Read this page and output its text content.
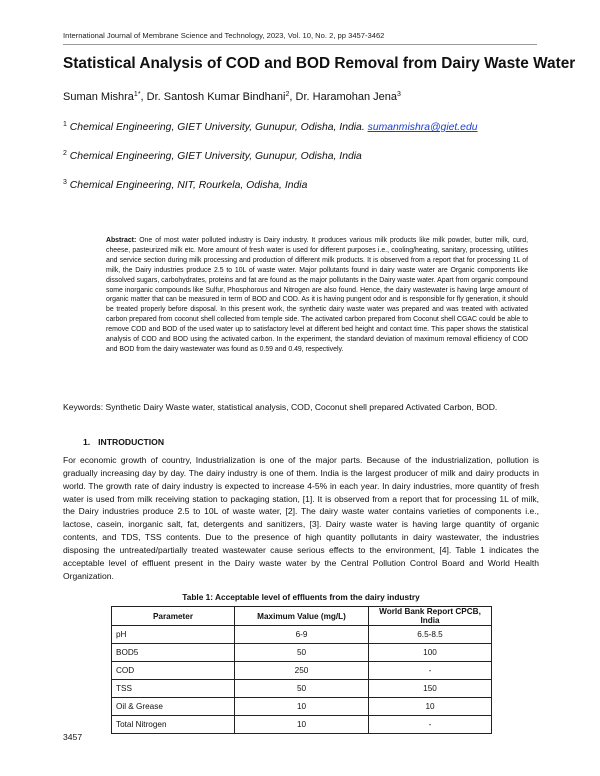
International Journal of Membrane Science and Technology, 2023, Vol. 10, No. 2, pp 3457-3462
Statistical Analysis of COD and BOD Removal from Dairy Waste Water
Suman Mishra$^{1*}$, Dr. Santosh Kumar Bindhani$^2$, Dr. Haramohan Jena$^3$
$^1$ Chemical Engineering, GIET University, Gunupur, Odisha, India. sumanmishra@giet.edu
$^2$ Chemical Engineering, GIET University, Gunupur, Odisha, India
$^3$ Chemical Engineering, NIT, Rourkela, Odisha, India
Abstract: One of most water polluted industry is Dairy industry. It produces various milk products like milk powder, butter milk, curd, cheese, pasteurized milk etc. More amount of fresh water is used for different purposes i.e., cooling/heating, sanitary, processing, utilities and service section during milk processing and production of different milk products. It is observed from a report that for processing 1L of milk, the Dairy industries produce 2.5 to 10L of waste water. Major pollutants found in dairy waste water are Organic components like dissolved sugars, carbohydrates, proteins and fat are found as the major pollutants in the Dairy waste water. Apart from organic compound some inorganic compounds like Sulfur, Phosphorous and Nitrogen are also found. Hence, the dairy wastewater is having large amount of organic matter that can be measured in term of BOD and COD. As it is having pungent odor and is responsible for fly generation, it should be treated properly before disposal. In this present work, the synthetic dairy waste water was prepared and was treated with activated carbon prepared from coconut shell collected from temple side. The activated carbon prepared from Coconut shell CGAC could be able to remove COD and BOD of the used water up to satisfactory level at different bed height and contact time. This paper shows the statistical analysis of COD and BOD using the activated carbon. In the experiment, the standard deviation of maximum removal efficiency of COD and BOD from the dairy wastewater was found as 0.59 and 0.49, respectively.
Keywords: Synthetic Dairy Waste water, statistical analysis, COD, Coconut shell prepared Activated Carbon, BOD.
1. INTRODUCTION
For economic growth of country, Industrialization is one of the major parts. Because of the industrialization, pollution is gradually increasing day by day. The dairy industry is one of them. India is the largest producer of milk and dairy products in world. The growth rate of dairy industry is expected to increase 4-5% in each year. In dairy industries, more quantity of fresh water is used from milk receiving station to packaging station, [1]. It is observed from a report that for processing 1L of milk, the Dairy industries produce 2.5 to 10L of waste water, [2]. The dairy waste water contains varieties of components i.e., lactose, casein, inorganic salt, fat, detergents and sanitizers, [3]. Dairy waste water is having large quantity of organic contents, and TDS, TSS contents. Due to the presence of high quantity pollutants in dairy wastewater, the industries disposing the untreated/partially treated wastewater cause serious effects to the environment, [4]. Table 1 indicates the acceptable level of effluent present in the Dairy waste water by the Central Pollution Control Board and World Health Organization.
Table 1: Acceptable level of effluents from the dairy industry
Parameter	Maximum Value (mg/L)	World Bank Report CPCB, India
pH	6-9	6.5-8.5
BOD5	50	100
COD	250	-
TSS	50	150
Oil & Grease	10	10
Total Nitrogen	10	-
3457
